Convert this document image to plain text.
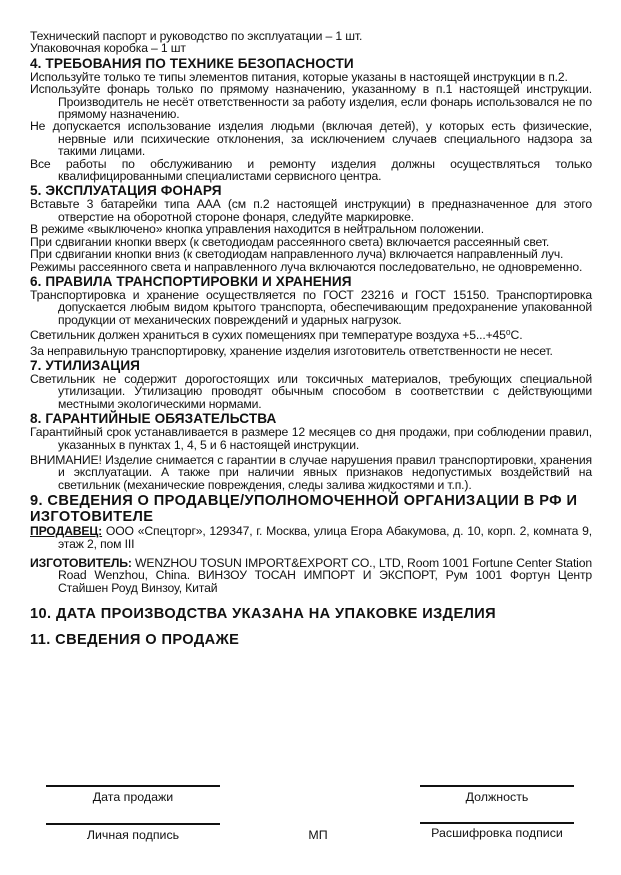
Технический паспорт и руководство по эксплуатации – 1 шт.

Упаковочная коробка – 1 шт

4. ТРЕБОВАНИЯ ПО ТЕХНИКЕ БЕЗОПАСНОСТИ

Используйте только те типы элементов питания, которые указаны в настоящей инструкции в п.2.

Используйте фонарь только по прямому назначению, указанному в п.1 настоящей инструкции. Производитель не несёт ответственности за работу изделия, если фонарь использовался не по прямому назначению.

Не допускается использование изделия людьми (включая детей), у которых есть физические, нервные или психические отклонения, за исключением случаев специального надзора за такими лицами.

Все работы по обслуживанию и ремонту изделия должны осуществляться только квалифицированными специалистами сервисного центра.

5. ЭКСПЛУАТАЦИЯ ФОНАРЯ

Вставьте 3 батарейки типа ААА (см п.2 настоящей инструкции) в предназначенное для этого отверстие на оборотной стороне фонаря, следуйте маркировке.

В режиме «выключено» кнопка управления находится в нейтральном положении.

При сдвигании кнопки вверх (к светодиодам рассеянного света) включается рассеянный свет.

При сдвигании кнопки вниз (к светодиодам направленного луча) включается направленный луч.

Режимы рассеянного света и направленного луча включаются последовательно, не одновременно.

6. ПРАВИЛА ТРАНСПОРТИРОВКИ И ХРАНЕНИЯ

Транспортировка и хранение осуществляется по ГОСТ 23216 и ГОСТ 15150. Транспортировка допускается любым видом крытого транспорта, обеспечивающим предохранение упакованной продукции от механических повреждений и ударных нагрузок.

Светильник должен храниться в сухих помещениях при температуре воздуха +5...+45⁰С.

За неправильную транспортировку, хранение изделия изготовитель ответственности не несет.

7. УТИЛИЗАЦИЯ

Светильник не содержит дорогостоящих или токсичных материалов, требующих специальной утилизации. Утилизацию проводят обычным способом в соответствии с действующими местными экологическими нормами.

8. ГАРАНТИЙНЫЕ ОБЯЗАТЕЛЬСТВА

Гарантийный срок устанавливается в размере 12 месяцев со дня продажи, при соблюдении правил, указанных в пунктах 1, 4, 5 и 6 настоящей инструкции.

ВНИМАНИЕ! Изделие снимается с гарантии в случае нарушения правил транспортировки, хранения и эксплуатации. А также при наличии явных признаков недопустимых воздействий на светильник (механические повреждения, следы залива жидкостями и т.п.).

9. СВЕДЕНИЯ О ПРОДАВЦЕ/УПОЛНОМОЧЕННОЙ ОРГАНИЗАЦИИ В РФ И ИЗГОТОВИТЕЛЕ

ПРОДАВЕЦ: ООО «Спецторг», 129347, г. Москва, улица Егора Абакумова, д. 10, корп. 2, комната 9, этаж 2, пом III

ИЗГОТОВИТЕЛЬ: WENZHOU TOSUN IMPORT&EXPORT CO., LTD, Room 1001 Fortune Center Station Road Wenzhou, China. ВИНЗОУ ТОСАН ИМПОРТ И ЭКСПОРТ, Рум 1001 Фортун Центр Стайшен Роуд Винзоу, Китай

10. ДАТА ПРОИЗВОДСТВА УКАЗАНА НА УПАКОВКЕ ИЗДЕЛИЯ
11. СВЕДЕНИЯ О ПРОДАЖЕ
Дата продажи	Должность
Личная подпись	МП	Расшифровка подписи
